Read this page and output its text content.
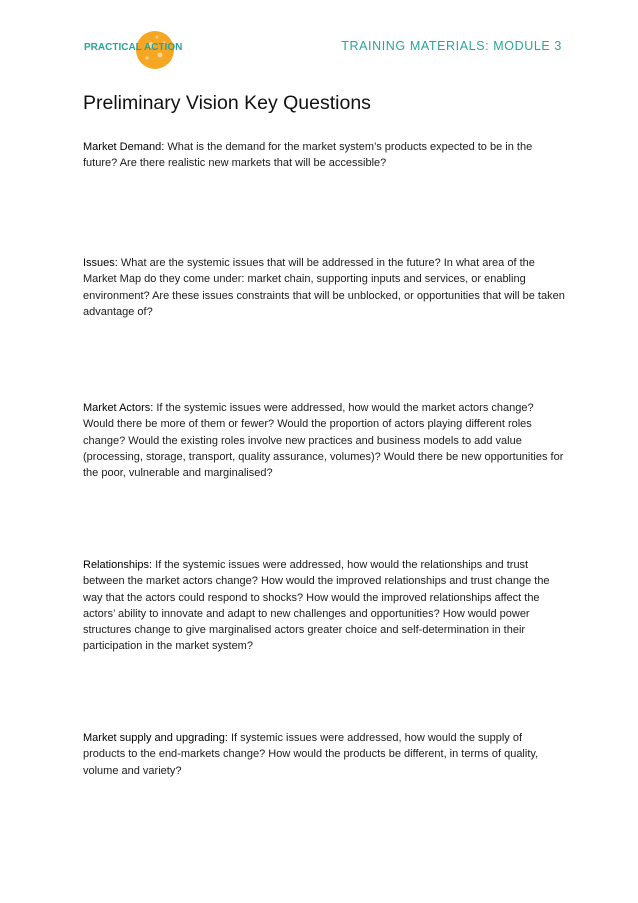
PRACTICAL ACTION	TRAINING MATERIALS: MODULE 3
Preliminary Vision Key Questions

Market Demand: What is the demand for the market system’s products expected to be in the future? Are there realistic new markets that will be accessible?

Issues: What are the systemic issues that will be addressed in the future? In what area of the Market Map do they come under: market chain, supporting inputs and services, or enabling environment? Are these issues constraints that will be unblocked, or opportunities that will be taken advantage of?

Market Actors: If the systemic issues were addressed, how would the market actors change? Would there be more of them or fewer? Would the proportion of actors playing different roles change? Would the existing roles involve new practices and business models to add value (processing, storage, transport, quality assurance, volumes)? Would there be new opportunities for the poor, vulnerable and marginalised?

Relationships: If the systemic issues were addressed, how would the relationships and trust between the market actors change? How would the improved relationships and trust change the way that the actors could respond to shocks? How would the improved relationships affect the actors’ ability to innovate and adapt to new challenges and opportunities? How would power structures change to give marginalised actors greater choice and self-determination in their participation in the market system?

Market supply and upgrading: If systemic issues were addressed, how would the supply of products to the end-markets change? How would the products be different, in terms of quality, volume and variety?
